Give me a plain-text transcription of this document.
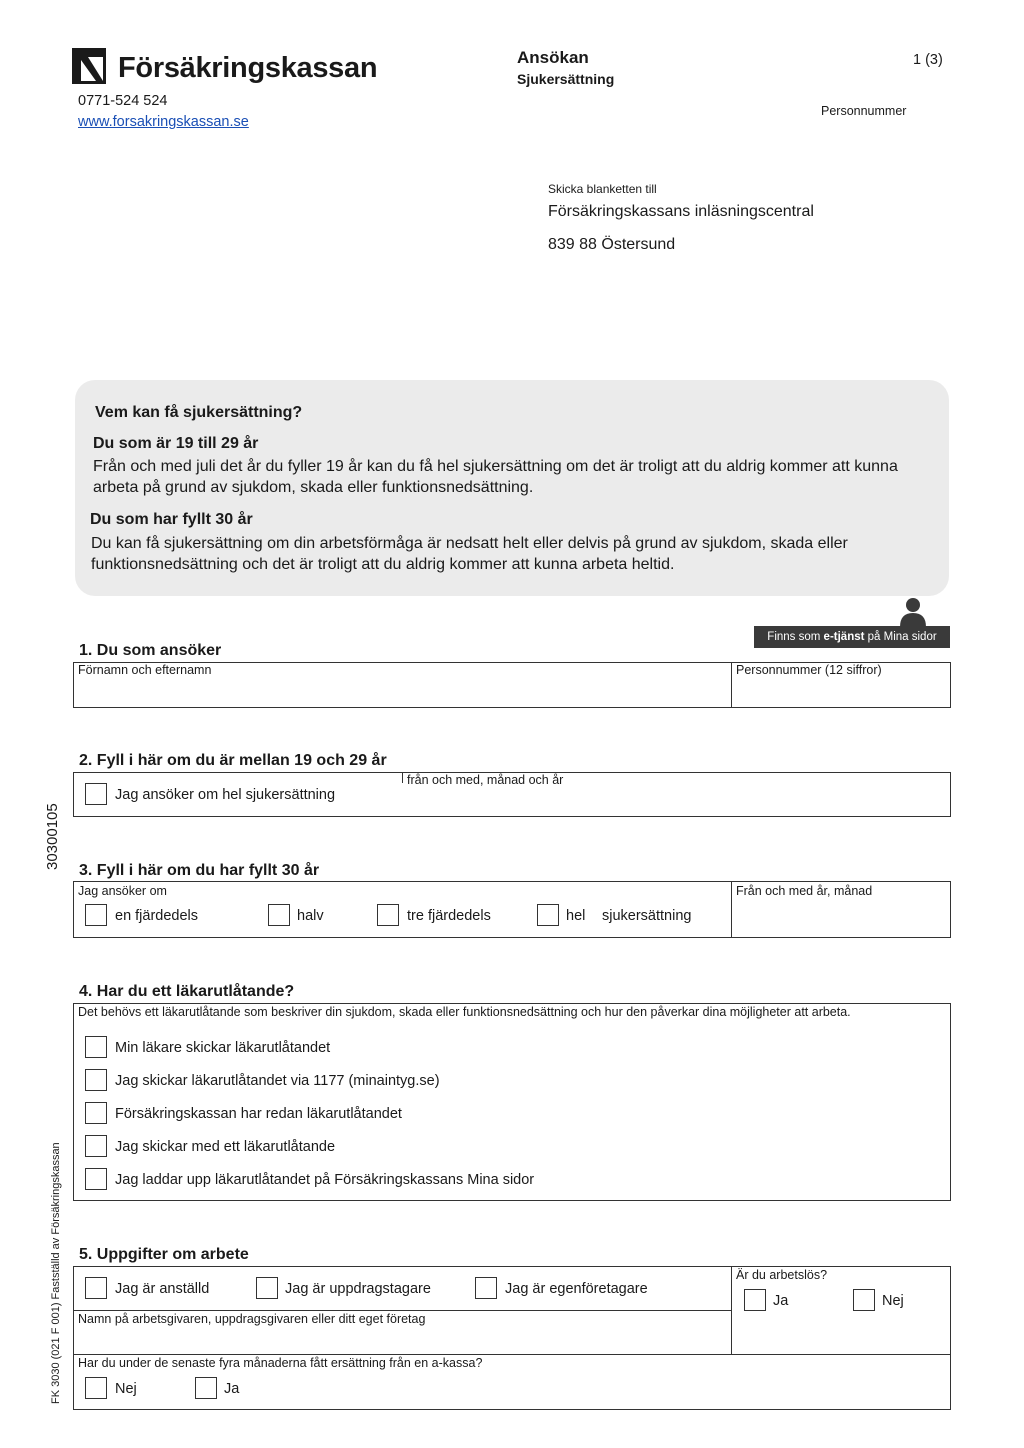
Försäkringskassan
0771-524 524
www.forsakringskassan.se
Ansökan
Sjukersättning
1 (3)
Personnummer
Skicka blanketten till
Försäkringskassans inläsningscentral
839 88 Östersund
Vem kan få sjukersättning?
Du som är 19 till 29 år
Från och med juli det år du fyller 19 år kan du få hel sjukersättning om det är troligt att du aldrig kommer att kunna arbeta på grund av sjukdom, skada eller funktionsnedsättning.
Du som har fyllt 30 år
Du kan få sjukersättning om din arbetsförmåga är nedsatt helt eller delvis på grund av sjukdom, skada eller funktionsnedsättning och det är troligt att du aldrig kommer att kunna arbeta heltid.
Finns som e-tjänst på Mina sidor
30300105
FK 3030 (021 F 001) Fastställd av Försäkringskassan
1. Du som ansöker
Förnamn och efternamn	Personnummer (12 siffror)
2. Fyll i här om du är mellan 19 och 29 år
Jag ansöker om hel sjukersättning
från och med, månad och år
3. Fyll i här om du har fyllt 30 år
Jag ansöker om
en fjärdedels	halv	tre fjärdedels	hel sjukersättning
Från och med år, månad
4. Har du ett läkarutlåtande?
Det behövs ett läkarutlåtande som beskriver din sjukdom, skada eller funktionsnedsättning och hur den påverkar dina möjligheter att arbeta.
Min läkare skickar läkarutlåtandet
Jag skickar läkarutlåtandet via 1177 (minaintyg.se)
Försäkringskassan har redan läkarutlåtandet
Jag skickar med ett läkarutlåtande
Jag laddar upp läkarutlåtandet på Försäkringskassans Mina sidor
5. Uppgifter om arbete
Jag är anställd	Jag är uppdragstagare	Jag är egenföretagare
Är du arbetslös?
Ja	Nej
Namn på arbetsgivaren, uppdragsgivaren eller ditt eget företag
Har du under de senaste fyra månaderna fått ersättning från en a-kassa?
Nej	Ja
